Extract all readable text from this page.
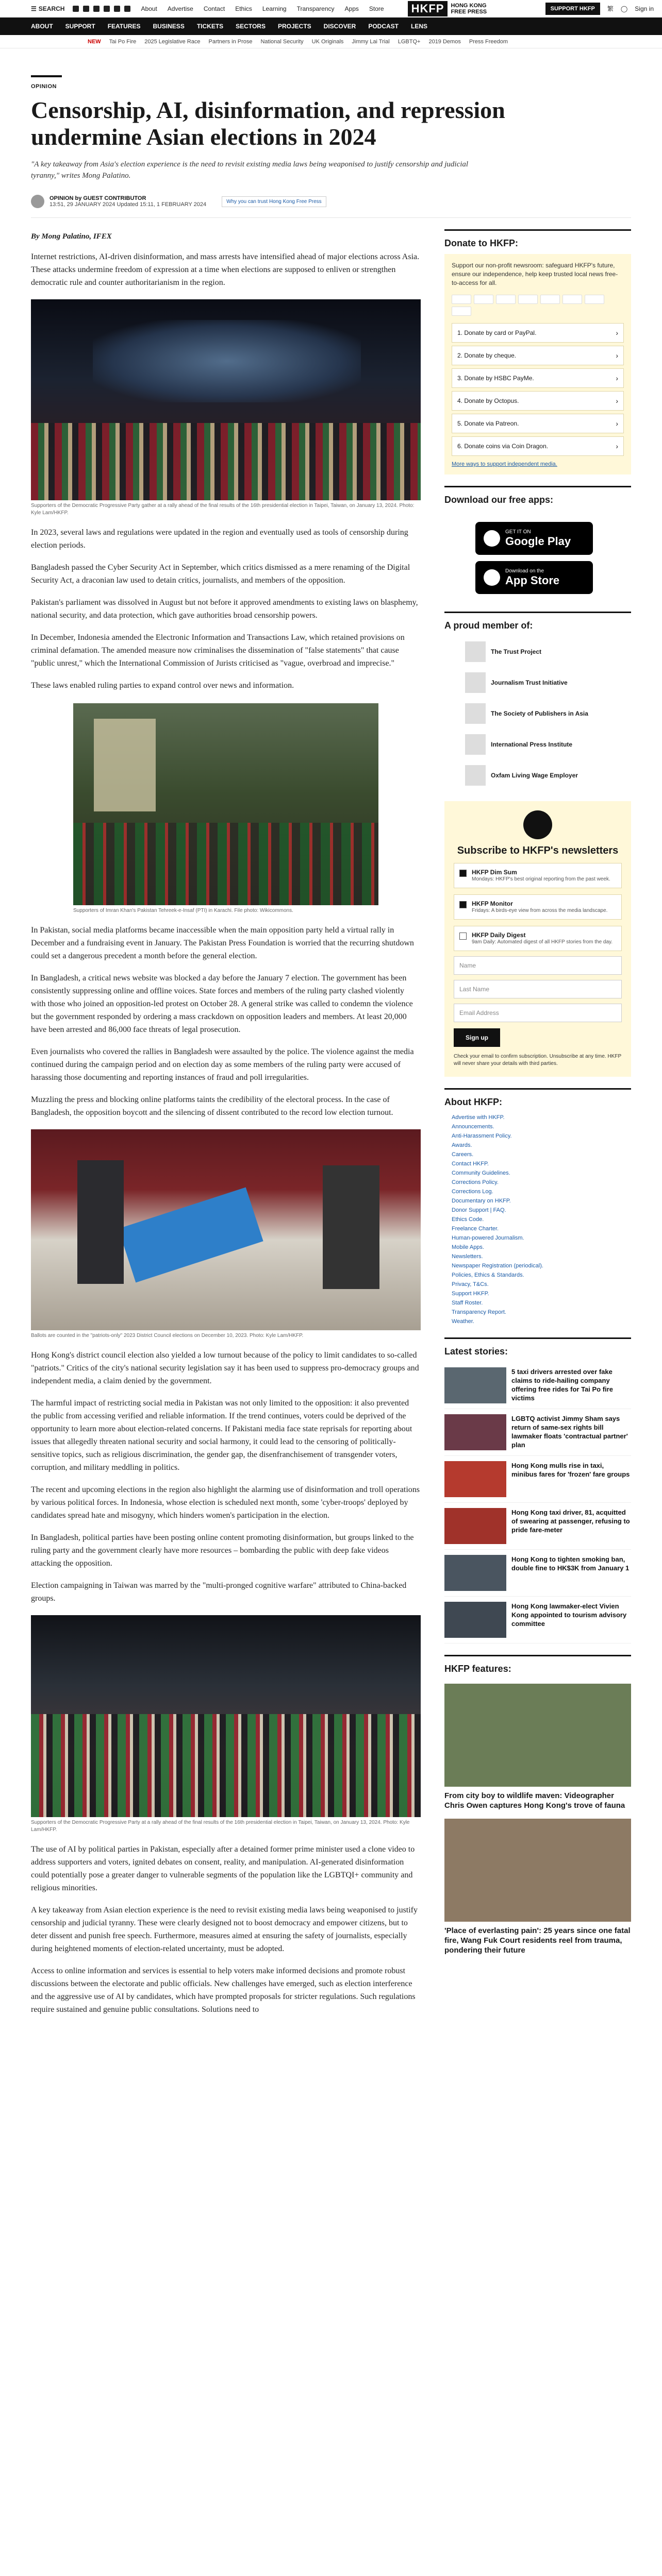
☰ SEARCH	About Advertise Contact Ethics Learning Transparency Apps Store	HKFP	HONG KONG
FREE PRESS	SUPPORT HKFP	繁 ◯ Sign in
ABOUT SUPPORT FEATURES BUSINESS TICKETS SECTORS PROJECTS DISCOVER PODCAST LENS
NEW Tai Po Fire 2025 Legislative Race Partners in Prose National Security UK Originals Jimmy Lai Trial LGBTQ+ 2019 Demos Press Freedom
OPINION
Censorship, AI, disinformation, and repression undermine Asian elections in 2024
"A key takeaway from Asia's election experience is the need to revisit existing media laws being weaponised to justify censorship and judicial tyranny," writes Mong Palatino.
OPINION by GUEST CONTRIBUTOR
13:51, 29 JANUARY 2024 Updated 15:11, 1 FEBRUARY 2024	Why you can trust Hong Kong Free Press
By Mong Palatino, IFEX

Internet restrictions, AI-driven disinformation, and mass arrests have intensified ahead of major elections across Asia. These attacks undermine freedom of expression at a time when elections are supposed to enliven or strengthen democratic rule and counter authoritarianism in the region.

Supporters of the Democratic Progressive Party gather at a rally ahead of the final results of the 16th presidential election in Taipei, Taiwan, on January 13, 2024. Photo: Kyle Lam/HKFP.

In 2023, several laws and regulations were updated in the region and eventually used as tools of censorship during election periods.

Bangladesh passed the Cyber Security Act in September, which critics dismissed as a mere renaming of the Digital Security Act, a draconian law used to detain critics, journalists, and members of the opposition.

Pakistan's parliament was dissolved in August but not before it approved amendments to existing laws on blasphemy, national security, and data protection, which gave authorities broad censorship powers.

In December, Indonesia amended the Electronic Information and Transactions Law, which retained provisions on criminal defamation. The amended measure now criminalises the dissemination of "false statements" that cause "public unrest," which the International Commission of Jurists criticised as "vague, overbroad and imprecise."

These laws enabled ruling parties to expand control over news and information.

Supporters of Imran Khan's Pakistan Tehreek-e-Insaf (PTI) in Karachi. File photo: Wikicommons.

In Pakistan, social media platforms became inaccessible when the main opposition party held a virtual rally in December and a fundraising event in January. The Pakistan Press Foundation is worried that the recurring shutdown could set a dangerous precedent a month before the general election.

In Bangladesh, a critical news website was blocked a day before the January 7 election. The government has been consistently suppressing online and offline voices. State forces and members of the ruling party clashed violently with those who joined an opposition-led protest on October 28. A general strike was called to condemn the violence but the government responded by ordering a mass crackdown on opposition leaders and members. At least 20,000 have been arrested and 86,000 face threats of legal prosecution.

Even journalists who covered the rallies in Bangladesh were assaulted by the police. The violence against the media continued during the campaign period and on election day as some members of the ruling party were accused of harassing those documenting and reporting instances of fraud and poll irregularities.

Muzzling the press and blocking online platforms taints the credibility of the electoral process. In the case of Bangladesh, the opposition boycott and the silencing of dissent contributed to the record low election turnout.

Ballots are counted in the "patriots-only" 2023 District Council elections on December 10, 2023. Photo: Kyle Lam/HKFP.

Hong Kong's district council election also yielded a low turnout because of the policy to limit candidates to so-called "patriots." Critics of the city's national security legislation say it has been used to suppress pro-democracy groups and independent media, a claim denied by the government.

The harmful impact of restricting social media in Pakistan was not only limited to the opposition: it also prevented the public from accessing verified and reliable information. If the trend continues, voters could be deprived of the opportunity to learn more about election-related concerns. If Pakistani media face state reprisals for reporting about issues that allegedly threaten national security and social harmony, it could lead to the censoring of politically-sensitive topics, such as religious discrimination, the gender gap, the disenfranchisement of transgender voters, corruption, and military meddling in politics.

The recent and upcoming elections in the region also highlight the alarming use of disinformation and troll operations by various political forces. In Indonesia, whose election is scheduled next month, some 'cyber-troops' deployed by candidates spread hate and misogyny, which hinders women's participation in the election.

In Bangladesh, political parties have been posting online content promoting disinformation, but groups linked to the ruling party and the government clearly have more resources – bombarding the public with deep fake videos attacking the opposition.

Election campaigning in Taiwan was marred by the "multi-pronged cognitive warfare" attributed to China-backed groups.

Supporters of the Democratic Progressive Party at a rally ahead of the final results of the 16th presidential election in Taipei, Taiwan, on January 13, 2024. Photo: Kyle Lam/HKFP.

The use of AI by political parties in Pakistan, especially after a detained former prime minister used a clone video to address supporters and voters, ignited debates on consent, reality, and manipulation. AI-generated disinformation could potentially pose a greater danger to vulnerable segments of the population like the LGBTQI+ community and religious minorities.

A key takeaway from Asian election experience is the need to revisit existing media laws being weaponised to justify censorship and judicial tyranny. These were clearly designed not to boost democracy and empower citizens, but to deter dissent and punish free speech. Furthermore, measures aimed at ensuring the safety of journalists, especially during heightened moments of election-related uncertainty, must be adopted.

Access to online information and services is essential to help voters make informed decisions and promote robust discussions between the electorate and public officials. New challenges have emerged, such as election interference and the aggressive use of AI by candidates, which have prompted proposals for stricter regulations. Such regulations require sustained and genuine public consultations. Solutions need to

Donate to HKFP:
Support our non-profit newsroom: safeguard HKFP's future, ensure our independence, help keep trusted local news free-to-access for all.
1. Donate by card or PayPal.	›
2. Donate by cheque.	›
3. Donate by HSBC PayMe.	›
4. Donate by Octopus.	›
5. Donate via Patreon.	›
6. Donate coins via Coin Dragon.	›
More ways to support independent media.
Download our free apps:
GET IT ON
Google Play
Download on the
App Store
A proud member of:
The Trust Project
Journalism Trust Initiative
The Society of Publishers in Asia
International Press Institute
Oxfam Living Wage Employer
Subscribe to HKFP's newsletters
HKFP Dim Sum
Mondays: HKFP's best original reporting from the past week.
HKFP Monitor
Fridays: A birds-eye view from across the media landscape.
HKFP Daily Digest
9am Daily: Automated digest of all HKFP stories from the day.
Name
Last Name
Email Address
Sign up
Check your email to confirm subscription. Unsubscribe at any time. HKFP will never share your details with third parties.
About HKFP:
Advertise with HKFP.
Announcements.
Anti-Harassment Policy.
Awards.
Careers.
Contact HKFP.
Community Guidelines.
Corrections Policy.
Corrections Log.
Documentary on HKFP.
Donor Support | FAQ.
Ethics Code.
Freelance Charter.
Human-powered Journalism.
Mobile Apps.
Newsletters.
Newspaper Registration (periodical).
Policies, Ethics & Standards.
Privacy, T&Cs.
Support HKFP.
Staff Roster.
Transparency Report.
Weather.
Latest stories:
5 taxi drivers arrested over fake claims to ride-hailing company offering free rides for Tai Po fire victims
LGBTQ activist Jimmy Sham says return of same-sex rights bill lawmaker floats 'contractual partner' plan
Hong Kong mulls rise in taxi, minibus fares for 'frozen' fare groups
Hong Kong taxi driver, 81, acquitted of swearing at passenger, refusing to pride fare-meter
Hong Kong to tighten smoking ban, double fine to HK$3K from January 1
Hong Kong lawmaker-elect Vivien Kong appointed to tourism advisory committee
HKFP features:
From city boy to wildlife maven: Videographer Chris Owen captures Hong Kong's trove of fauna
'Place of everlasting pain': 25 years since one fatal fire, Wang Fuk Court residents reel from trauma, pondering their future
